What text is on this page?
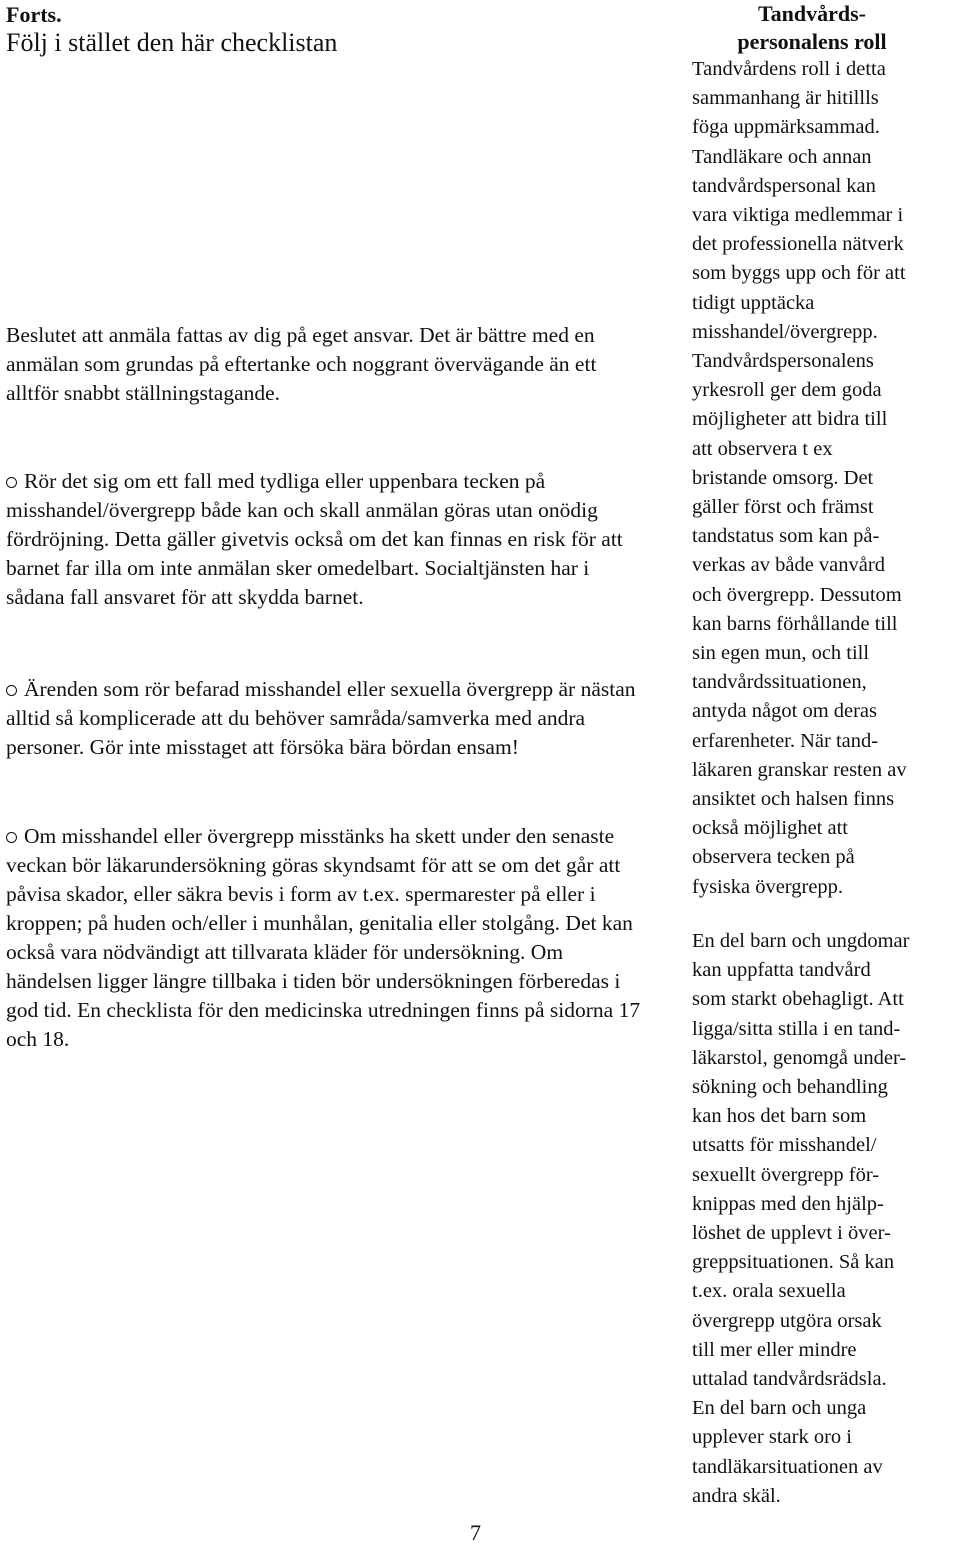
Forts.
Följ i stället den här checklistan

Beslutet att anmäla fattas av dig på eget ansvar. Det är bättre med en anmälan som grundas på eftertanke och noggrant övervägande än ett alltför snabbt ställningstagande.

Rör det sig om ett fall med tydliga eller uppenbara tecken på misshandel/övergrepp både kan och skall anmälan göras utan onödig fördröjning. Detta gäller givetvis också om det kan finnas en risk för att barnet far illa om inte anmälan sker omedelbart. Socialtjänsten har i sådana fall ansvaret för att skydda barnet.

Ärenden som rör befarad misshandel eller sexuella övergrepp är nästan alltid så komplicerade att du behöver samråda/samverka med andra personer. Gör inte misstaget att försöka bära bördan ensam!

Om misshandel eller övergrepp misstänks ha skett under den senaste veckan bör läkarundersökning göras skyndsamt för att se om det går att påvisa skador, eller säkra bevis i form av t.ex. spermarester på eller i kroppen; på huden och/eller i munhålan, genitalia eller stolgång. Det kan också vara nödvändigt att tillvarata kläder för undersökning. Om händelsen ligger längre tillbaka i tiden bör undersökningen förberedas i god tid. En checklista för den medicinska utredningen finns på sidorna 17 och 18.

Tandvårds-
personalens roll

Tandvårdens roll i detta
sammanhang är hitillls
föga uppmärksammad.
Tandläkare och annan
tandvårdspersonal kan
vara viktiga medlemmar i
det professionella nätverk
som byggs upp och för att
tidigt upptäcka
misshandel/övergrepp.
Tandvårdspersonalens
yrkesroll ger dem goda
möjligheter att bidra till
att observera t ex
bristande omsorg. Det
gäller först och främst
tandstatus som kan på-
verkas av både vanvård
och övergrepp. Dessutom
kan barns förhållande till
sin egen mun, och till
tandvårdssituationen,
antyda något om deras
erfarenheter. När tand-
läkaren granskar resten av
ansiktet och halsen finns
också möjlighet att
observera tecken på
fysiska övergrepp.

En del barn och ungdomar
kan uppfatta tandvård
som starkt obehagligt. Att
ligga/sitta stilla i en tand-
läkarstol, genomgå under-
sökning och behandling
kan hos det barn som
utsatts för misshandel/
sexuellt övergrepp för-
knippas med den hjälp-
löshet de upplevt i över-
greppsituationen. Så kan
t.ex. orala sexuella
övergrepp utgöra orsak
till mer eller mindre
uttalad tandvårdsrädsla.
En del barn och unga
upplever stark oro i
tandläkarsituationen av
andra skäl.

7
